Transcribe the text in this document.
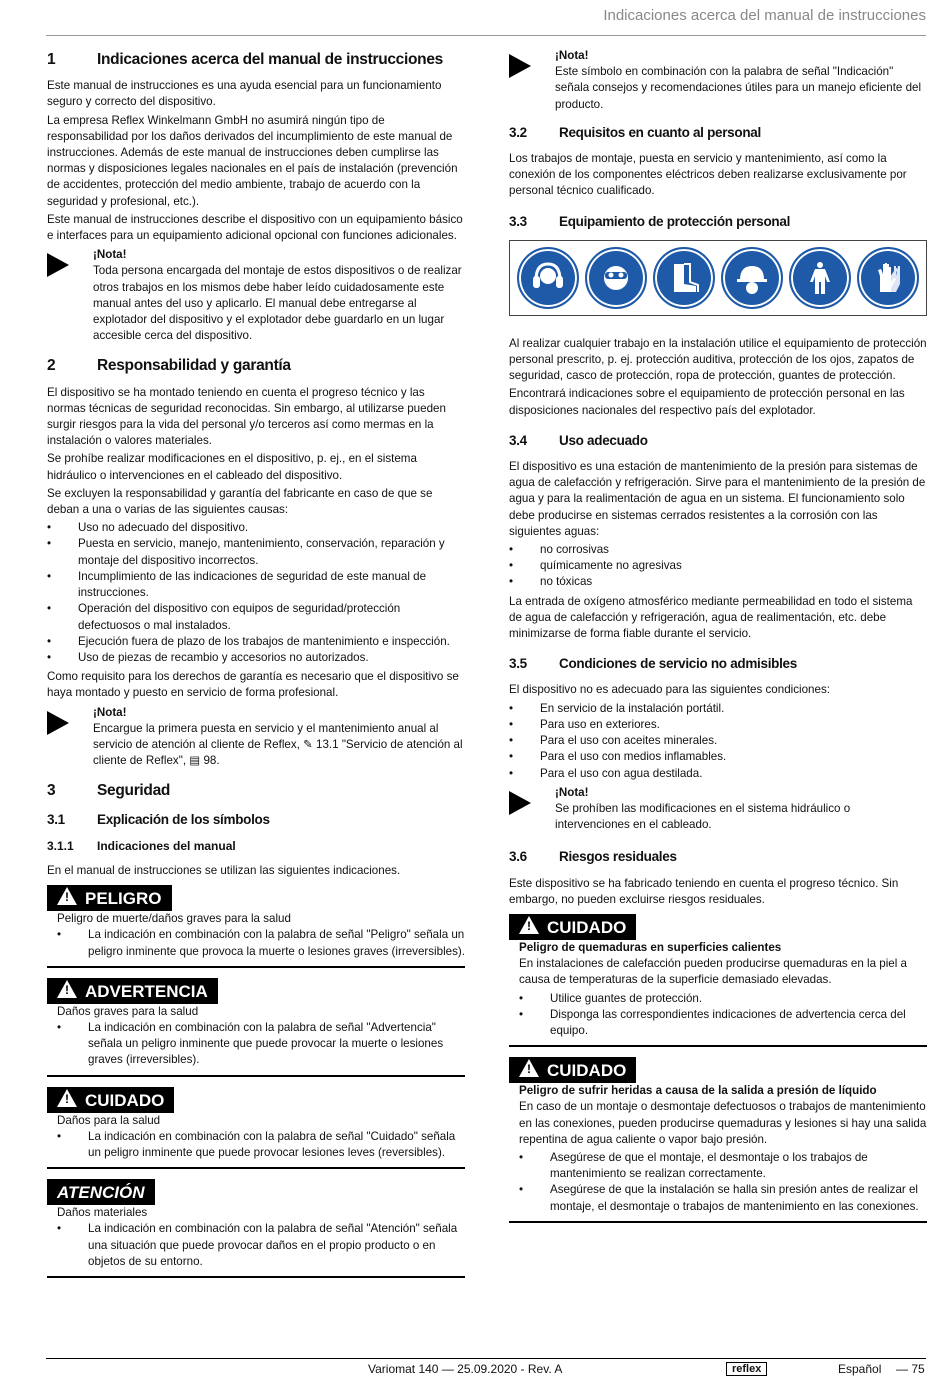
Indicaciones acerca del manual de instrucciones
1	Indicaciones acerca del manual de instrucciones

Este manual de instrucciones es una ayuda esencial para un funcionamiento seguro y correcto del dispositivo.

La empresa Reflex Winkelmann GmbH no asumirá ningún tipo de responsabilidad por los daños derivados del incumplimiento de este manual de instrucciones. Además de este manual de instrucciones deben cumplirse las normas y disposiciones legales nacionales en el país de instalación (prevención de accidentes, protección del medio ambiente, trabajo de acuerdo con la seguridad y profesional, etc.).

Este manual de instrucciones describe el dispositivo con un equipamiento básico e interfaces para un equipamiento adicional opcional con funciones adicionales.

¡Nota!
Toda persona encargada del montaje de estos dispositivos o de realizar otros trabajos en los mismos debe haber leído cuidadosamente este manual antes del uso y aplicarlo. El manual debe entregarse al explotador del dispositivo y el explotador debe guardarlo en un lugar accesible cerca del dispositivo.
2	Responsabilidad y garantía

El dispositivo se ha montado teniendo en cuenta el progreso técnico y las normas técnicas de seguridad reconocidas. Sin embargo, al utilizarse pueden surgir riesgos para la vida del personal y/o terceros así como mermas en la instalación o valores materiales.

Se prohíbe realizar modificaciones en el dispositivo, p. ej., en el sistema hidráulico o intervenciones en el cableado del dispositivo.

Se excluyen la responsabilidad y garantía del fabricante en caso de que se deban a una o varias de las siguientes causas:

• Uso no adecuado del dispositivo.
• Puesta en servicio, manejo, mantenimiento, conservación, reparación y montaje del dispositivo incorrectos.
• Incumplimiento de las indicaciones de seguridad de este manual de instrucciones.
• Operación del dispositivo con equipos de seguridad/protección defectuosos o mal instalados.
• Ejecución fuera de plazo de los trabajos de mantenimiento e inspección.
• Uso de piezas de recambio y accesorios no autorizados.

Como requisito para los derechos de garantía es necesario que el dispositivo se haya montado y puesto en servicio de forma profesional.

¡Nota!
Encargue la primera puesta en servicio y el mantenimiento anual al servicio de atención al cliente de Reflex, ✎ 13.1 "Servicio de atención al cliente de Reflex", ▤ 98.
3	Seguridad
3.1	Explicación de los símbolos
3.1.1	Indicaciones del manual

En el manual de instrucciones se utilizan las siguientes indicaciones.

! PELIGRO
Peligro de muerte/daños graves para la salud
• La indicación en combinación con la palabra de señal "Peligro" señala un peligro inminente que provoca la muerte o lesiones graves (irreversibles).
! ADVERTENCIA
Daños graves para la salud
• La indicación en combinación con la palabra de señal "Advertencia" señala un peligro inminente que puede provocar la muerte o lesiones graves (irreversibles).
! CUIDADO
Daños para la salud
• La indicación en combinación con la palabra de señal "Cuidado" señala un peligro inminente que puede provocar lesiones leves (reversibles).
ATENCIÓN
Daños materiales
• La indicación en combinación con la palabra de señal "Atención" señala una situación que puede provocar daños en el propio producto o en objetos de su entorno.
¡Nota!
Este símbolo en combinación con la palabra de señal "Indicación" señala consejos y recomendaciones útiles para un manejo eficiente del producto.
3.2	Requisitos en cuanto al personal

Los trabajos de montaje, puesta en servicio y mantenimiento, así como la conexión de los componentes eléctricos deben realizarse exclusivamente por personal técnico cualificado.

3.3	Equipamiento de protección personal

Al realizar cualquier trabajo en la instalación utilice el equipamiento de protección personal prescrito, p. ej. protección auditiva, protección de los ojos, zapatos de seguridad, casco de protección, ropa de protección, guantes de protección.

Encontrará indicaciones sobre el equipamiento de protección personal en las disposiciones nacionales del respectivo país del explotador.

3.4	Uso adecuado

El dispositivo es una estación de mantenimiento de la presión para sistemas de agua de calefacción y refrigeración. Sirve para el mantenimiento de la presión de agua y para la realimentación de agua en un sistema. El funcionamiento solo debe producirse en sistemas cerrados resistentes a la corrosión con las siguientes aguas:

• no corrosivas
• químicamente no agresivas
• no tóxicas

La entrada de oxígeno atmosférico mediante permeabilidad en todo el sistema de agua de calefacción y refrigeración, agua de realimentación, etc. debe minimizarse de forma fiable durante el servicio.

3.5	Condiciones de servicio no admisibles

El dispositivo no es adecuado para las siguientes condiciones:

• En servicio de la instalación portátil.
• Para uso en exteriores.
• Para el uso con aceites minerales.
• Para el uso con medios inflamables.
• Para el uso con agua destilada.
¡Nota!
Se prohíben las modificaciones en el sistema hidráulico o intervenciones en el cableado.
3.6	Riesgos residuales

Este dispositivo se ha fabricado teniendo en cuenta el progreso técnico. Sin embargo, no pueden excluirse riesgos residuales.

! CUIDADO
Peligro de quemaduras en superficies calientes

En instalaciones de calefacción pueden producirse quemaduras en la piel a causa de temperaturas de la superficie demasiado elevadas.

• Utilice guantes de protección.
• Disponga las correspondientes indicaciones de advertencia cerca del equipo.
! CUIDADO
Peligro de sufrir heridas a causa de la salida a presión de líquido

En caso de un montaje o desmontaje defectuosos o trabajos de mantenimiento en las conexiones, pueden producirse quemaduras y lesiones si hay una salida repentina de agua caliente o vapor bajo presión.

• Asegúrese de que el montaje, el desmontaje o los trabajos de mantenimiento se realizan correctamente.
• Asegúrese de que la instalación se halla sin presión antes de realizar el montaje, el desmontaje o trabajos de mantenimiento en las conexiones.
Variomat 140 — 25.09.2020 - Rev. A	reflex	Español — 75
